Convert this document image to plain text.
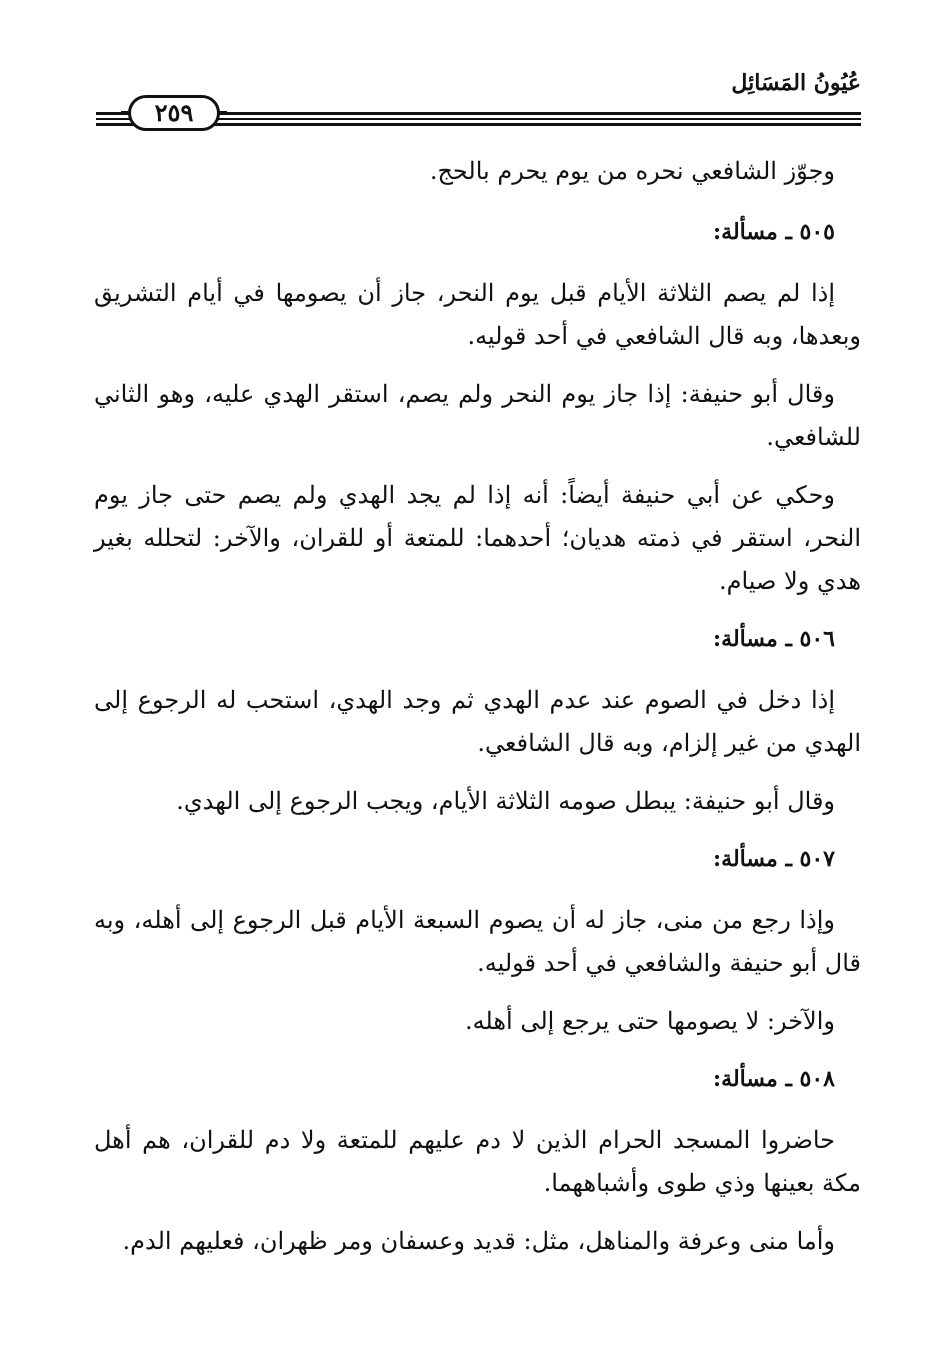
عُيُونُ المَسَائِل
٢٥٩

وجوّز الشافعي نحره من يوم يحرم بالحج.

٥٠٥ ـ مسألة:

إذا لم يصم الثلاثة الأيام قبل يوم النحر، جاز أن يصومها في أيام التشريق وبعدها، وبه قال الشافعي في أحد قوليه.

وقال أبو حنيفة: إذا جاز يوم النحر ولم يصم، استقر الهدي عليه، وهو الثاني للشافعي.

وحكي عن أبي حنيفة أيضاً: أنه إذا لم يجد الهدي ولم يصم حتى جاز يوم النحر، استقر في ذمته هديان؛ أحدهما: للمتعة أو للقران، والآخر: لتحلله بغير هدي ولا صيام.

٥٠٦ ـ مسألة:

إذا دخل في الصوم عند عدم الهدي ثم وجد الهدي، استحب له الرجوع إلى الهدي من غير إلزام، وبه قال الشافعي.

وقال أبو حنيفة: يبطل صومه الثلاثة الأيام، ويجب الرجوع إلى الهدي.

٥٠٧ ـ مسألة:

وإذا رجع من منى، جاز له أن يصوم السبعة الأيام قبل الرجوع إلى أهله، وبه قال أبو حنيفة والشافعي في أحد قوليه.

والآخر: لا يصومها حتى يرجع إلى أهله.

٥٠٨ ـ مسألة:

حاضروا المسجد الحرام الذين لا دم عليهم للمتعة ولا دم للقران، هم أهل مكة بعينها وذي طوى وأشباههما.

وأما منى وعرفة والمناهل، مثل: قديد وعسفان ومر ظهران، فعليهم الدم.
